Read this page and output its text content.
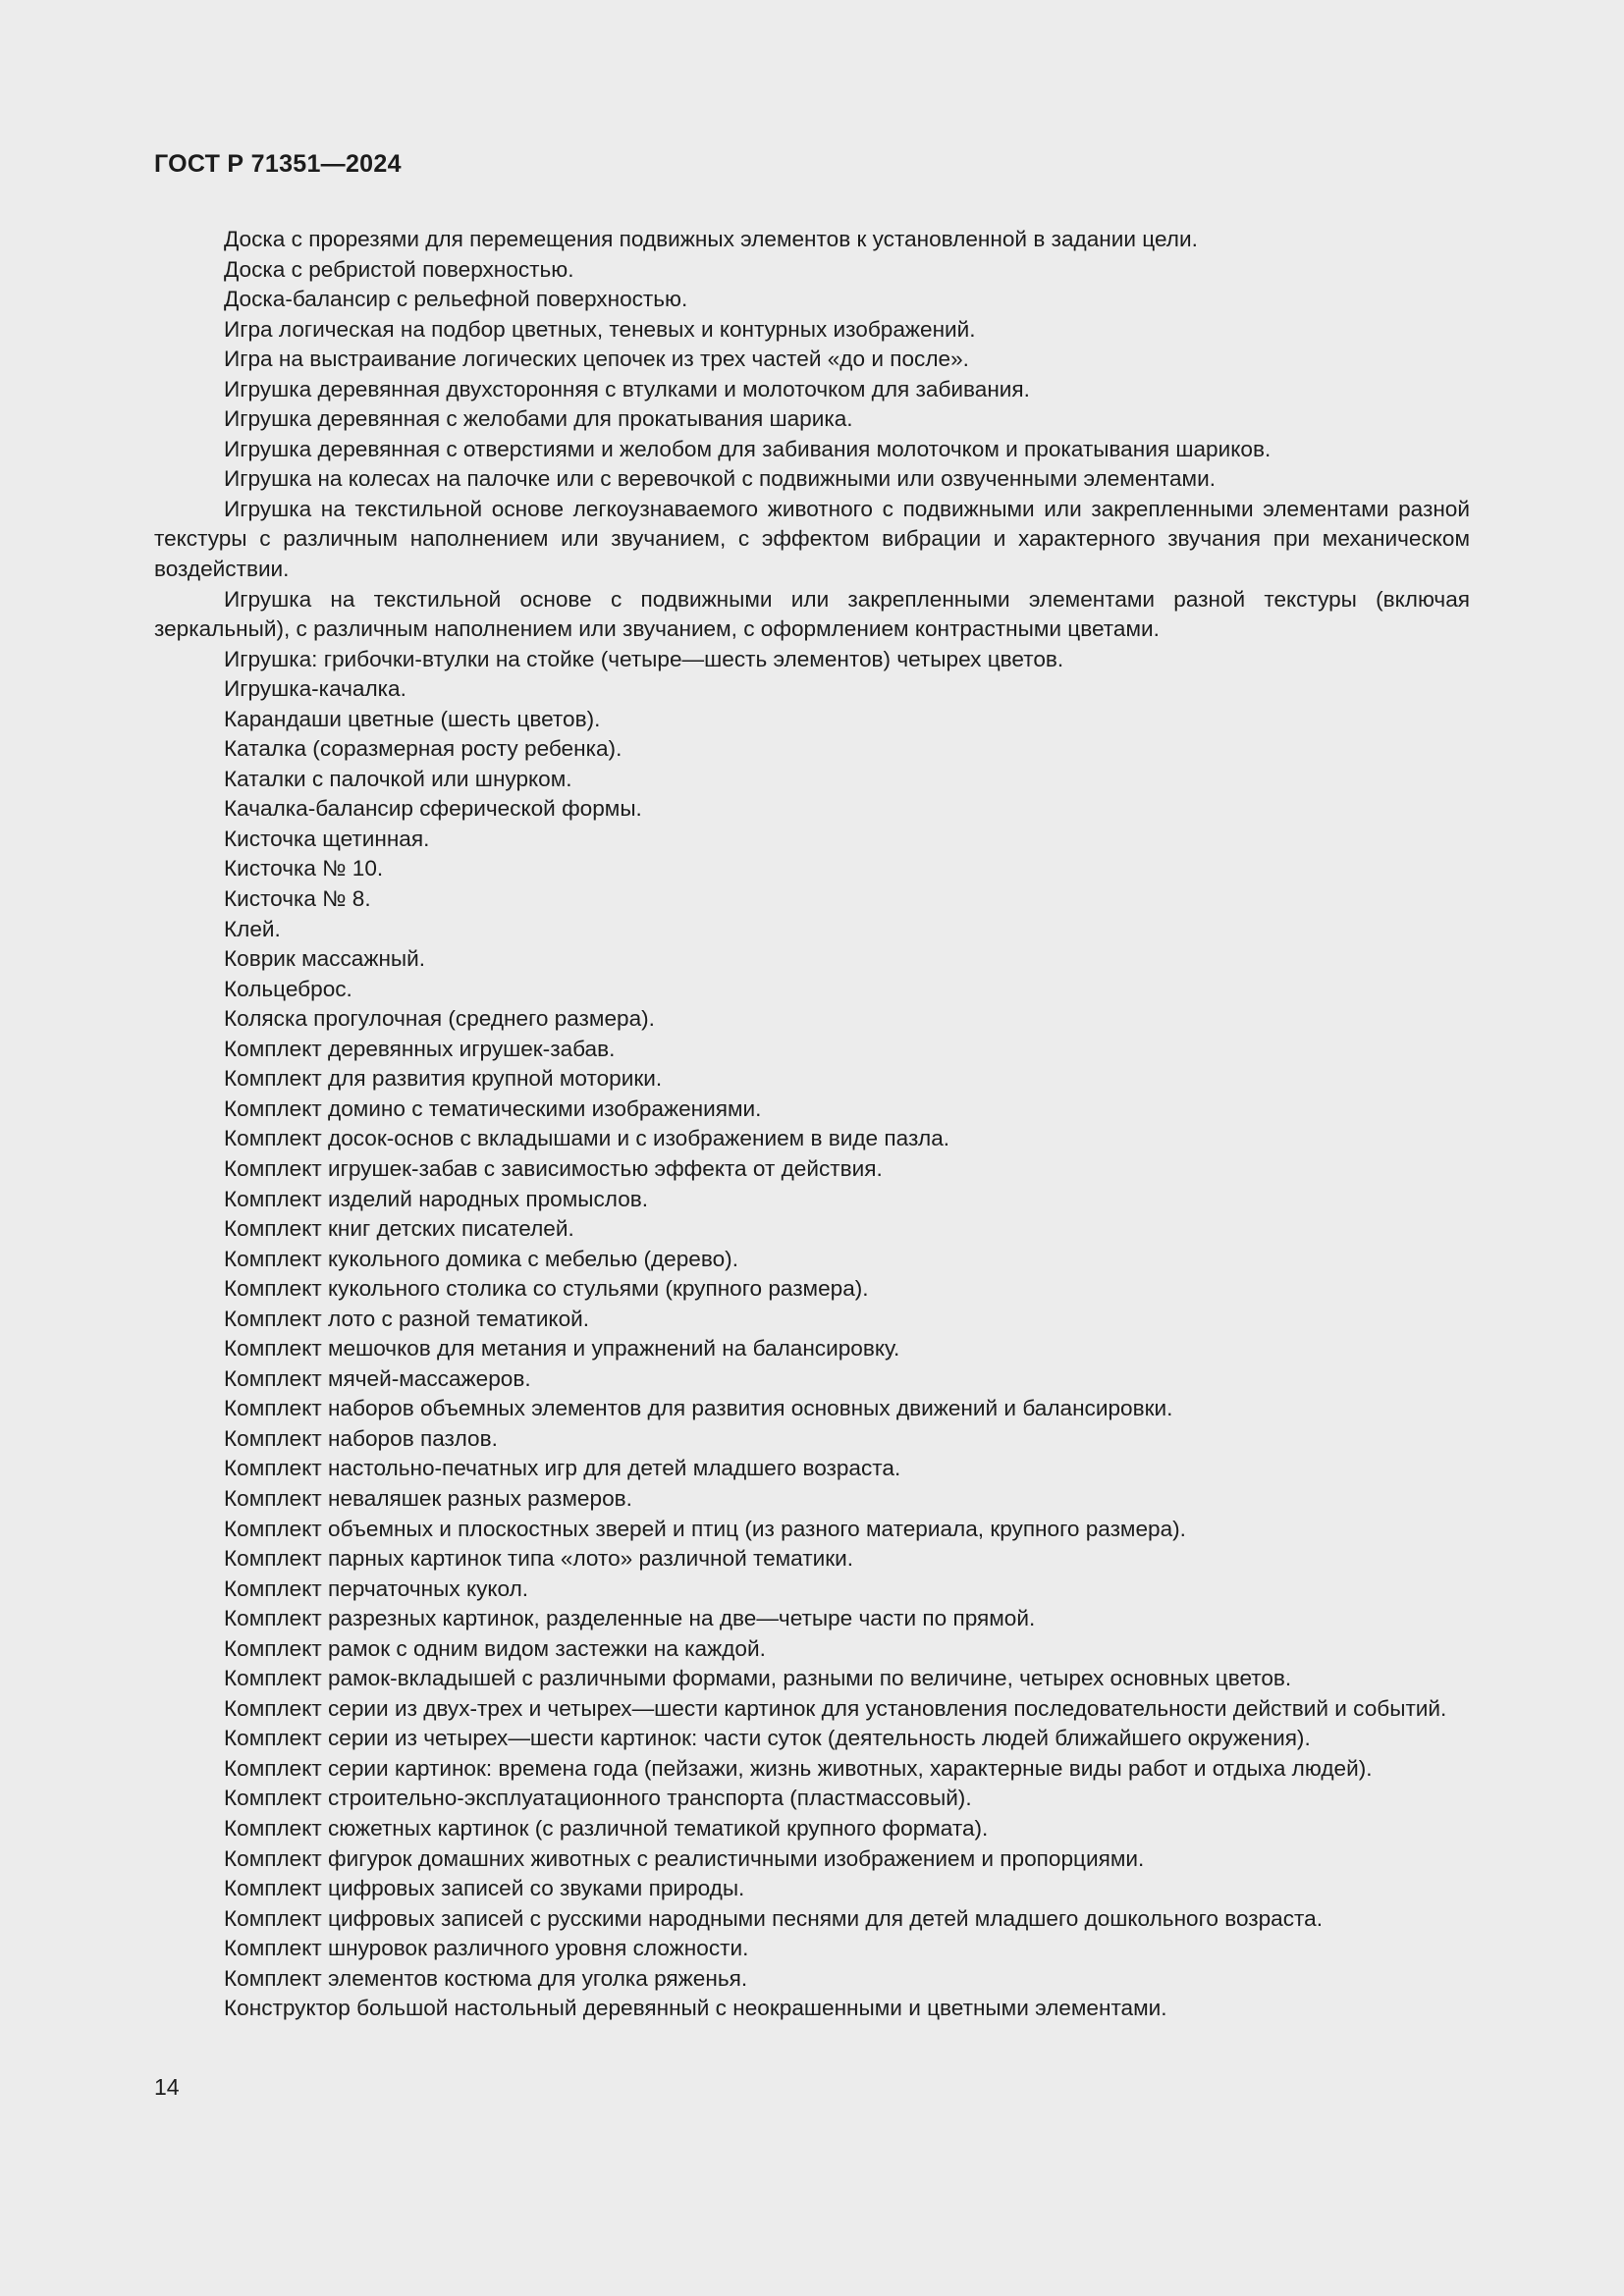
ГОСТ Р 71351—2024

Доска с прорезями для перемещения подвижных элементов к установленной в задании цели.

Доска с ребристой поверхностью.

Доска-балансир с рельефной поверхностью.

Игра логическая на подбор цветных, теневых и контурных изображений.

Игра на выстраивание логических цепочек из трех частей «до и после».

Игрушка деревянная двухсторонняя с втулками и молоточком для забивания.

Игрушка деревянная с желобами для прокатывания шарика.

Игрушка деревянная с отверстиями и желобом для забивания молоточком и прокатывания шариков.

Игрушка на колесах на палочке или с веревочкой с подвижными или озвученными элементами.

Игрушка на текстильной основе легкоузнаваемого животного с подвижными или закрепленными элементами разной текстуры с различным наполнением или звучанием, с эффектом вибрации и характерного звучания при механическом воздействии.

Игрушка на текстильной основе с подвижными или закрепленными элементами разной текстуры (включая зеркальный), с различным наполнением или звучанием, с оформлением контрастными цветами.

Игрушка: грибочки-втулки на стойке (четыре—шесть элементов) четырех цветов.

Игрушка-качалка.

Карандаши цветные (шесть цветов).

Каталка (соразмерная росту ребенка).

Каталки с палочкой или шнурком.

Качалка-балансир сферической формы.

Кисточка щетинная.

Кисточка № 10.

Кисточка № 8.

Клей.

Коврик массажный.

Кольцеброс.

Коляска прогулочная (среднего размера).

Комплект деревянных игрушек-забав.

Комплект для развития крупной моторики.

Комплект домино с тематическими изображениями.

Комплект досок-основ с вкладышами и с изображением в виде пазла.

Комплект игрушек-забав с зависимостью эффекта от действия.

Комплект изделий народных промыслов.

Комплект книг детских писателей.

Комплект кукольного домика с мебелью (дерево).

Комплект кукольного столика со стульями (крупного размера).

Комплект лото с разной тематикой.

Комплект мешочков для метания и упражнений на балансировку.

Комплект мячей-массажеров.

Комплект наборов объемных элементов для развития основных движений и балансировки.

Комплект наборов пазлов.

Комплект настольно-печатных игр для детей младшего возраста.

Комплект неваляшек разных размеров.

Комплект объемных и плоскостных зверей и птиц (из разного материала, крупного размера).

Комплект парных картинок типа «лото» различной тематики.

Комплект перчаточных кукол.

Комплект разрезных картинок, разделенные на две—четыре части по прямой.

Комплект рамок с одним видом застежки на каждой.

Комплект рамок-вкладышей с различными формами, разными по величине, четырех основных цветов.

Комплект серии из двух-трех и четырех—шести картинок для установления последовательности действий и событий.

Комплект серии из четырех—шести картинок: части суток (деятельность людей ближайшего окружения).

Комплект серии картинок: времена года (пейзажи, жизнь животных, характерные виды работ и отдыха людей).

Комплект строительно-эксплуатационного транспорта (пластмассовый).

Комплект сюжетных картинок (с различной тематикой крупного формата).

Комплект фигурок домашних животных с реалистичными изображением и пропорциями.

Комплект цифровых записей со звуками природы.

Комплект цифровых записей с русскими народными песнями для детей младшего дошкольного возраста.

Комплект шнуровок различного уровня сложности.

Комплект элементов костюма для уголка ряженья.

Конструктор большой настольный деревянный с неокрашенными и цветными элементами.

14
